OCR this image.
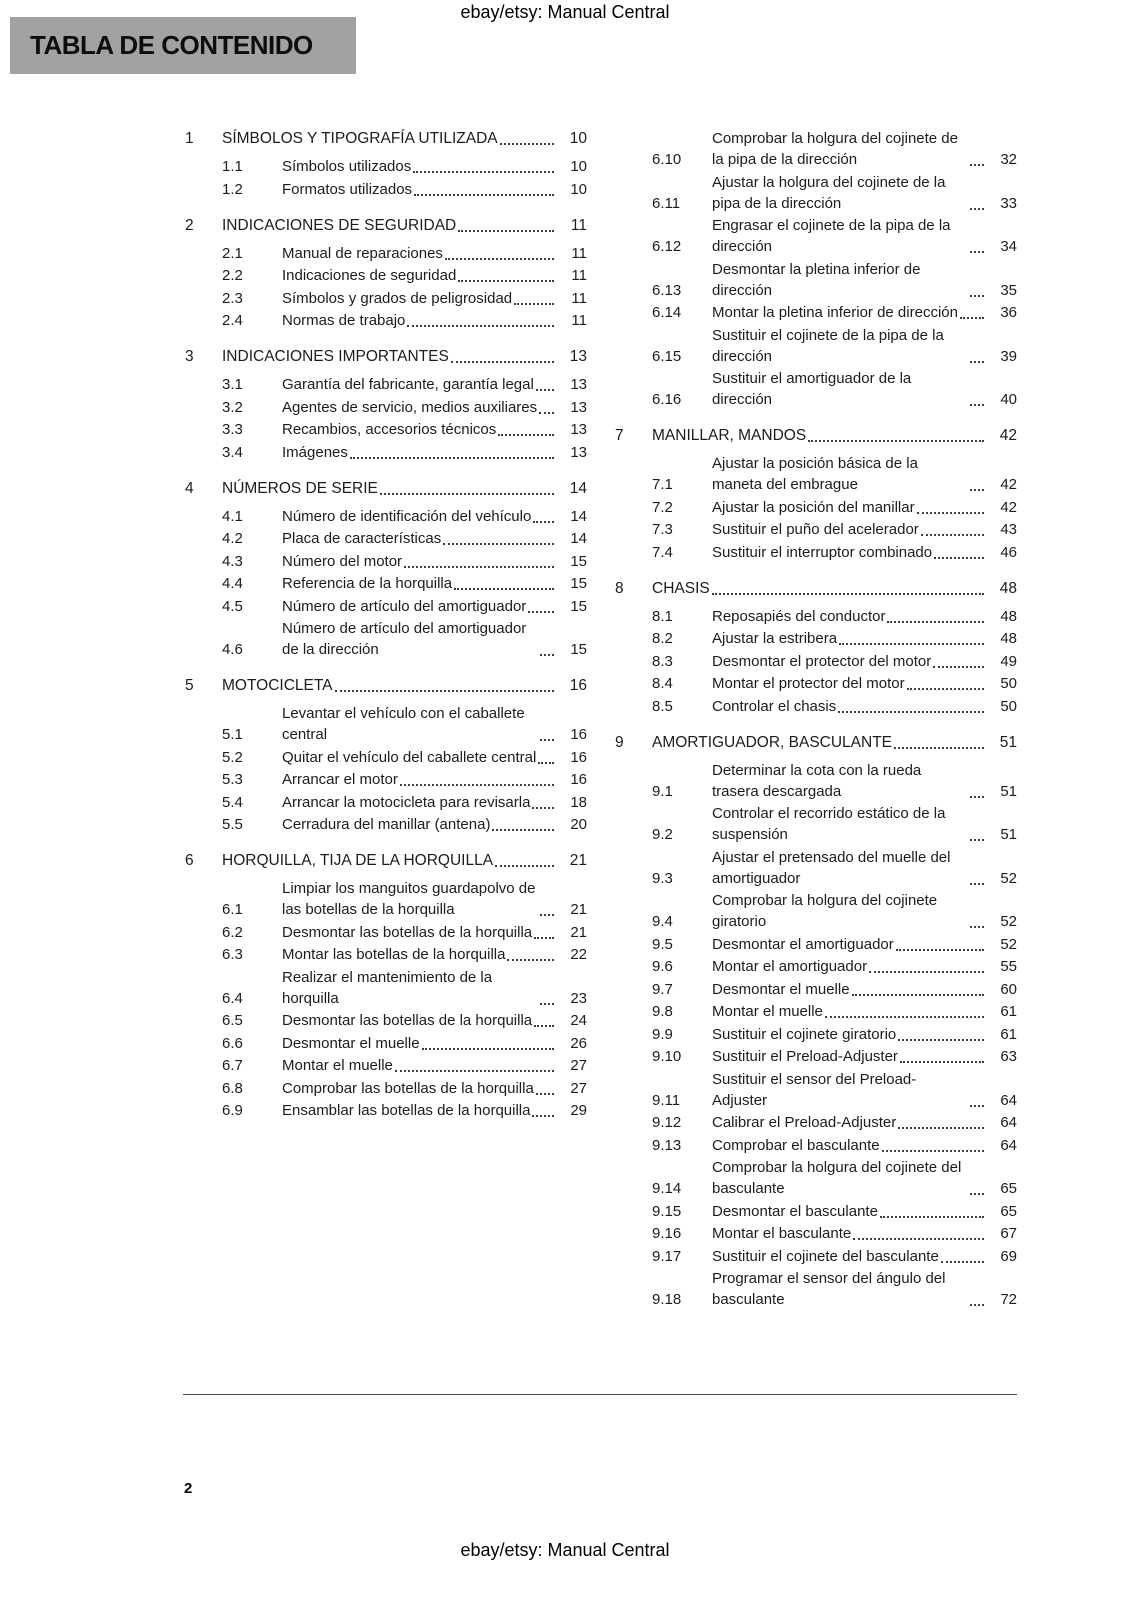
ebay/etsy: Manual Central
TABLA DE CONTENIDO
1	SÍMBOLOS Y TIPOGRAFÍA UTILIZADA	10
1.1	Símbolos utilizados	10
1.2	Formatos utilizados	10
2	INDICACIONES DE SEGURIDAD	11
2.1	Manual de reparaciones	11
2.2	Indicaciones de seguridad	11
2.3	Símbolos y grados de peligrosidad	11
2.4	Normas de trabajo	11
3	INDICACIONES IMPORTANTES	13
3.1	Garantía del fabricante, garantía legal	13
3.2	Agentes de servicio, medios auxiliares	13
3.3	Recambios, accesorios técnicos	13
3.4	Imágenes	13
4	NÚMEROS DE SERIE	14
4.1	Número de identificación del vehículo	14
4.2	Placa de características	14
4.3	Número del motor	15
4.4	Referencia de la horquilla	15
4.5	Número de artículo del amortiguador	15
4.6
Número de artículo del amortiguador de la dirección	15
5	MOTOCICLETA	16
5.1
Levantar el vehículo con el caballete central	16
5.2	Quitar el vehículo del caballete central	16
5.3	Arrancar el motor	16
5.4	Arrancar la motocicleta para revisarla	18
5.5	Cerradura del manillar (antena)	20
6	HORQUILLA, TIJA DE LA HORQUILLA	21
6.1
Limpiar los manguitos guardapolvo de las botellas de la horquilla	21
6.2	Desmontar las botellas de la horquilla	21
6.3	Montar las botellas de la horquilla	22
6.4
Realizar el mantenimiento de la horquilla	23
6.5	Desmontar las botellas de la horquilla	24
6.6	Desmontar el muelle	26
6.7	Montar el muelle	27
6.8	Comprobar las botellas de la horquilla	27
6.9	Ensamblar las botellas de la horquilla	29
6.10
Comprobar la holgura del cojinete de la pipa de la dirección	32
6.11
Ajustar la holgura del cojinete de la pipa de la dirección	33
6.12
Engrasar el cojinete de la pipa de la dirección	34
6.13
Desmontar la pletina inferior de dirección	35
6.14	Montar la pletina inferior de dirección	36
6.15
Sustituir el cojinete de la pipa de la dirección	39
6.16
Sustituir el amortiguador de la dirección	40
7	MANILLAR, MANDOS	42
7.1
Ajustar la posición básica de la maneta del embrague	42
7.2	Ajustar la posición del manillar	42
7.3	Sustituir el puño del acelerador	43
7.4	Sustituir el interruptor combinado	46
8	CHASIS	48
8.1	Reposapiés del conductor	48
8.2	Ajustar la estribera	48
8.3	Desmontar el protector del motor	49
8.4	Montar el protector del motor	50
8.5	Controlar el chasis	50
9	AMORTIGUADOR, BASCULANTE	51
9.1
Determinar la cota con la rueda trasera descargada	51
9.2
Controlar el recorrido estático de la suspensión	51
9.3
Ajustar el pretensado del muelle del amortiguador	52
9.4
Comprobar la holgura del cojinete giratorio	52
9.5	Desmontar el amortiguador	52
9.6	Montar el amortiguador	55
9.7	Desmontar el muelle	60
9.8	Montar el muelle	61
9.9	Sustituir el cojinete giratorio	61
9.10	Sustituir el Preload-Adjuster	63
9.11
Sustituir el sensor del Preload-Adjuster	64
9.12	Calibrar el Preload-Adjuster	64
9.13	Comprobar el basculante	64
9.14
Comprobar la holgura del cojinete del basculante	65
9.15	Desmontar el basculante	65
9.16	Montar el basculante	67
9.17	Sustituir el cojinete del basculante	69
9.18
Programar el sensor del ángulo del basculante	72
2
ebay/etsy: Manual Central
